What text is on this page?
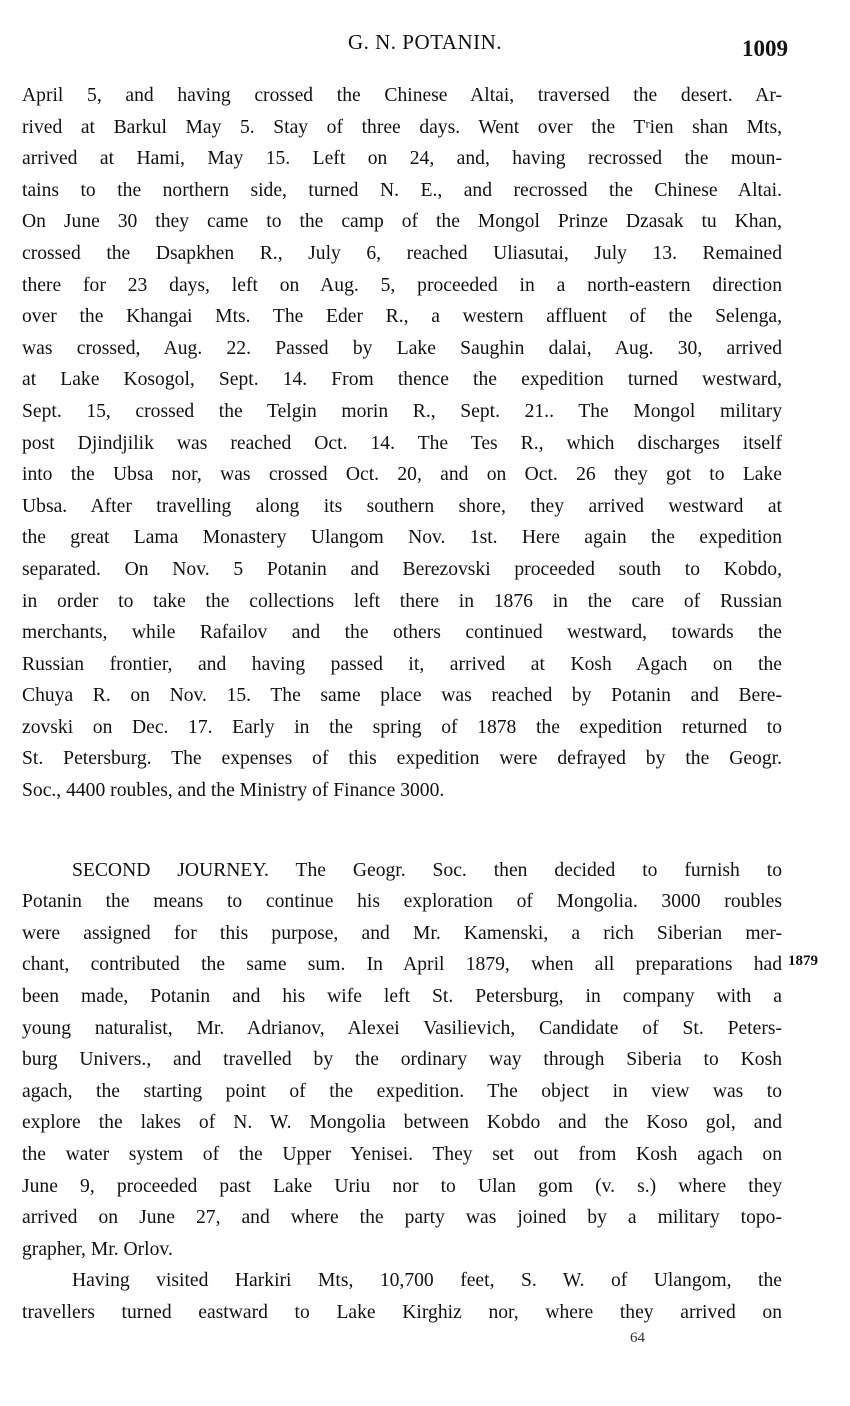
G. N. POTANIN.	1009
April 5, and having crossed the Chinese Altai, traversed the desert. Ar-
rived at Barkul May 5. Stay of three days. Went over the Tʳien shan Mts,
arrived at Hami, May 15. Left on 24, and, having recrossed the moun-
tains to the northern side, turned N. E., and recrossed the Chinese Altai.
On June 30 they came to the camp of the Mongol Prinze Dzasak tu Khan,
crossed the Dsapkhen R., July 6, reached Uliasutai, July 13. Remained
there for 23 days, left on Aug. 5, proceeded in a north-eastern direction
over the Khangai Mts. The Eder R., a western affluent of the Selenga,
was crossed, Aug. 22. Passed by Lake Saughin dalai, Aug. 30, arrived
at Lake Kosogol, Sept. 14. From thence the expedition turned westward,
Sept. 15, crossed the Telgin morin R., Sept. 21.. The Mongol military
post Djindjilik was reached Oct. 14. The Tes R., which discharges itself
into the Ubsa nor, was crossed Oct. 20, and on Oct. 26 they got to Lake
Ubsa. After travelling along its southern shore, they arrived westward at
the great Lama Monastery Ulangom Nov. 1st. Here again the expedition
separated. On Nov. 5 Potanin and Berezovski proceeded south to Kobdo,
in order to take the collections left there in 1876 in the care of Russian
merchants, while Rafailov and the others continued westward, towards the
Russian frontier, and having passed it, arrived at Kosh Agach on the
Chuya R. on Nov. 15. The same place was reached by Potanin and Bere-
zovski on Dec. 17. Early in the spring of 1878 the expedition returned to
St. Petersburg. The expenses of this expedition were defrayed by the Geogr.
Soc., 4400 roubles, and the Ministry of Finance 3000.
SECOND JOURNEY. The Geogr. Soc. then decided to furnish to
Potanin the means to continue his exploration of Mongolia. 3000 roubles
were assigned for this purpose, and Mr. Kamenski, a rich Siberian mer-
chant, contributed the same sum. In April 1879, when all preparations had
been made, Potanin and his wife left St. Petersburg, in company with a
young naturalist, Mr. Adrianov, Alexei Vasilievich, Candidate of St. Peters-
burg Univers., and travelled by the ordinary way through Siberia to Kosh
agach, the starting point of the expedition. The object in view was to
explore the lakes of N. W. Mongolia between Kobdo and the Koso gol, and
the water system of the Upper Yenisei. They set out from Kosh agach on
June 9, proceeded past Lake Uriu nor to Ulan gom (v. s.) where they
arrived on June 27, and where the party was joined by a military topo-
grapher, Mr. Orlov.
Having visited Harkiri Mts, 10,700 feet, S. W. of Ulangom, the
travellers turned eastward to Lake Kirghiz nor, where they arrived on
1879
64
